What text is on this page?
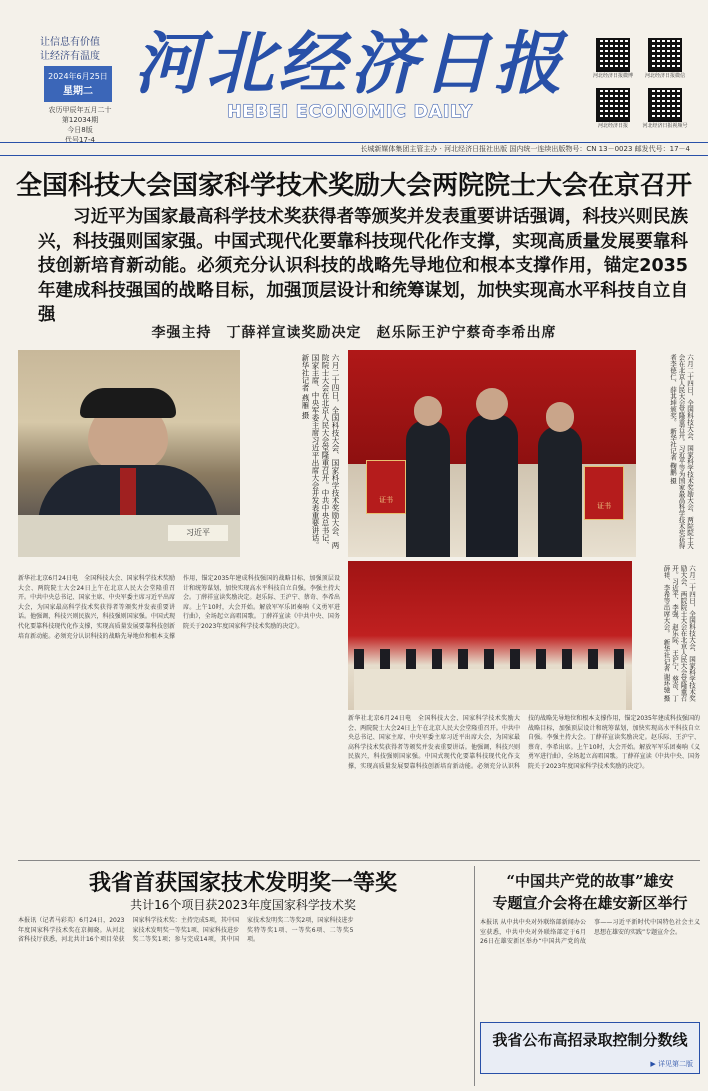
让信息有价值
让经济有温度
2024年6月25日
星期二
农历甲辰年五月二十
第12034期
今日8版
代号17-4
河北经济日报
HEBEI ECONOMIC DAILY
河北经济日报微博	河北经济日报微信
河北经济日报	河北经济日报视频号
长城新媒体集团主管主办 · 河北经济日报社出版 国内统一连续出版物号：CN 13－0023 邮发代号：17－4
全国科技大会国家科学技术奖励大会两院院士大会在京召开
习近平为国家最高科学技术奖获得者等颁奖并发表重要讲话强调，科技兴则民族兴，科技强则国家强。中国式现代化要靠科技现代化作支撑，实现高质量发展要靠科技创新培育新动能。必须充分认识科技的战略先导地位和根本支撑作用，锚定2035年建成科技强国的战略目标，加强顶层设计和统筹谋划，加快实现高水平科技自立自强
李强主持　丁薛祥宣读奖励决定　赵乐际王沪宁蔡奇李希出席
习近平	六月二十四日，全国科技大会、国家科学技术奖励大会、两院院士大会在北京人民大会堂隆重召开。中共中央总书记、国家主席、中央军委主席习近平出席大会并发表重要讲话。 新华社记者 燕雁 摄
证书
证书	六月二十四日，全国科技大会、国家科学技术奖励大会、两院院士大会在北京人民大会堂隆重召开。习近平等为国家最高科学技术奖获得者李德仁、薛其坤颁奖。 新华社记者 鞠鹏 摄
六月二十四日，全国科技大会、国家科学技术奖励大会、两院院士大会在北京人民大会堂隆重召开。习近平、李强、赵乐际、王沪宁、蔡奇、丁薛祥、李希等出席大会。 新华社记者 谢环驰 摄
新华社北京6月24日电　全国科技大会、国家科学技术奖励大会、两院院士大会24日上午在北京人民大会堂隆重召开。中共中央总书记、国家主席、中央军委主席习近平出席大会，为国家最高科学技术奖获得者等颁奖并发表重要讲话。他强调，科技兴则民族兴，科技强则国家强。中国式现代化要靠科技现代化作支撑，实现高质量发展要靠科技创新培育新动能。必须充分认识科技的战略先导地位和根本支撑作用，锚定2035年建成科技强国的战略目标，加强顶层设计和统筹谋划，加快实现高水平科技自立自强。李强主持大会。丁薛祥宣读奖励决定。赵乐际、王沪宁、蔡奇、李希出席。上午10时，大会开始。解放军军乐团奏响《义勇军进行曲》，全场起立高唱国歌。丁薛祥宣读《中共中央、国务院关于2023年度国家科学技术奖励的决定》。
新华社北京6月24日电　全国科技大会、国家科学技术奖励大会、两院院士大会24日上午在北京人民大会堂隆重召开。中共中央总书记、国家主席、中央军委主席习近平出席大会，为国家最高科学技术奖获得者等颁奖并发表重要讲话。他强调，科技兴则民族兴，科技强则国家强。中国式现代化要靠科技现代化作支撑，实现高质量发展要靠科技创新培育新动能。必须充分认识科技的战略先导地位和根本支撑作用，锚定2035年建成科技强国的战略目标，加强顶层设计和统筹谋划，加快实现高水平科技自立自强。李强主持大会。丁薛祥宣读奖励决定。赵乐际、王沪宁、蔡奇、李希出席。上午10时，大会开始。解放军军乐团奏响《义勇军进行曲》，全场起立高唱国歌。丁薛祥宣读《中共中央、国务院关于2023年度国家科学技术奖励的决定》。
我省首获国家技术发明奖一等奖
共计16个项目获2023年度国家科学技术奖
本报讯（记者马彩英）6月24日，2023年度国家科学技术奖在京揭晓。从河北省科技厅获悉，河北共计16个项目荣获国家科学技术奖：主持完成5项，其中国家技术发明奖一等奖1项、国家科技进步奖二等奖1项；参与完成14项，其中国家技术发明奖二等奖2项，国家科技进步奖特等奖1项、一等奖6项、二等奖5项。
“中国共产党的故事”雄安
专题宣介会将在雄安新区举行
本报讯 从中共中央对外联络部新闻办公室获悉，中共中央对外联络部定于6月26日在雄安新区举办“中国共产党的故事——习近平新时代中国特色社会主义思想在雄安的实践”专题宣介会。
我省公布高招录取控制分数线
▶ 详见第二版
